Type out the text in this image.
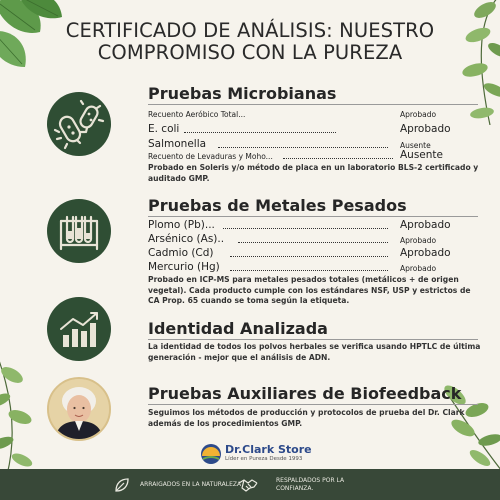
CERTIFICADO DE ANÁLISIS: NUESTRO
COMPROMISO CON LA PUREZA
Pruebas Microbianas
Recuento Aeróbico Total...	Aprobado
E. coli	Aprobado
Salmonella	Ausente
Recuento de Levaduras y Moho...	Ausente
Probado en Soleris y/o método de placa en un laboratorio BLS-2 certificado y auditado GMP.
Pruebas de Metales Pesados
Plomo (Pb)...	Aprobado
Arsénico (As)..	Aprobado
Cadmio (Cd)	Aprobado
Mercurio (Hg)	Aprobado
Probado en ICP-MS para metales pesados totales (metálicos + de origen vegetal). Cada producto cumple con los estándares NSF, USP y estrictos de CA Prop. 65 cuando se toma según la etiqueta.
Identidad Analizada
La identidad de todos los polvos herbales se verifica usando HPTLC de última generación - mejor que el análisis de ADN.
Pruebas Auxiliares de Biofeedback
Seguimos los métodos de producción y protocolos de prueba del Dr. Clark además de los procedimientos GMP.
Dr.Clark Store
Líder en Pureza Desde 1993
ARRAIGADOS EN LA NATURALEZA
RESPALDADOS POR LA
CONFIANZA.
